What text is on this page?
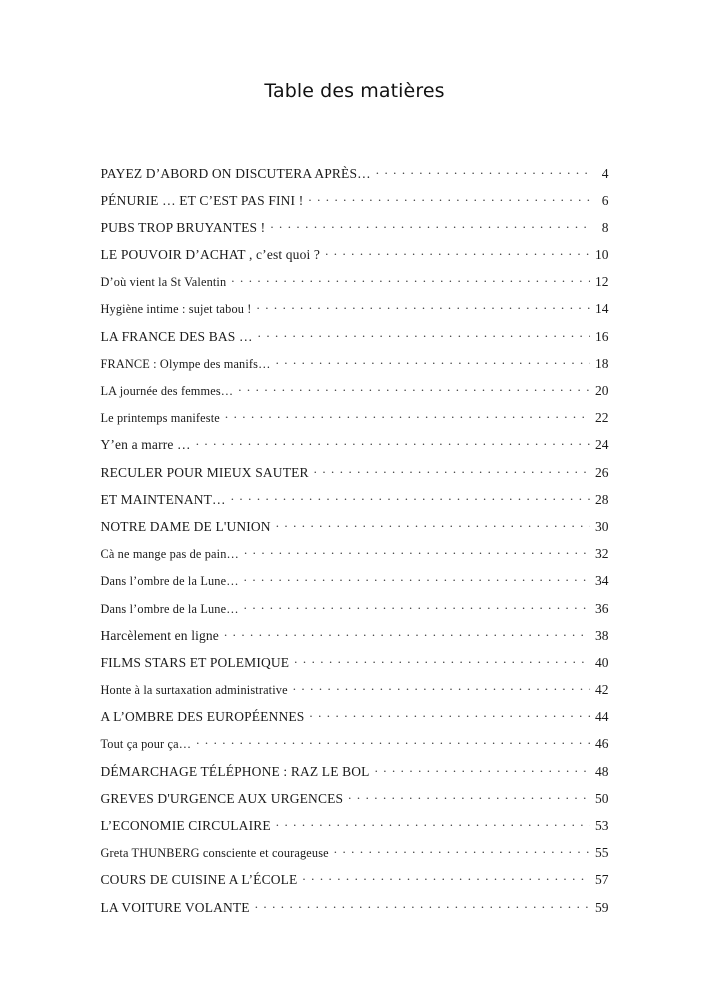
Table des matières
PAYEZ D’ABORD ON DISCUTERA APRÈS… . . .	4
PÉNURIE … ET C’EST PAS FINI ! . . .	6
PUBS TROP BRUYANTES ! . . .	8
LE POUVOIR D’ACHAT , c’est quoi ? . . .	10
D’où vient la St Valentin . . .	12
Hygiène intime : sujet tabou ! . . .	14
LA FRANCE DES BAS … . . .	16
FRANCE : Olympe des manifs… . . .	18
LA journée des femmes… . . .	20
Le printemps manifeste . . .	22
Y’en a marre … . . .	24
RECULER POUR MIEUX SAUTER . . .	26
ET MAINTENANT… . . .	28
NOTRE DAME DE L'UNION . . .	30
Cà ne mange pas de pain… . . .	32
Dans l’ombre de la Lune… . . .	34
Dans l’ombre de la Lune… . . .	36
Harcèlement en ligne . . .	38
FILMS STARS ET POLEMIQUE . . .	40
Honte à la surtaxation administrative . . .	42
A L’OMBRE DES EUROPÉENNES . . .	44
Tout ça pour ça… . . .	46
DÉMARCHAGE TÉLÉPHONE : RAZ LE BOL . . .	48
GREVES D'URGENCE AUX URGENCES . . .	50
L’ECONOMIE CIRCULAIRE . . .	53
Greta THUNBERG consciente et courageuse . . .	55
COURS DE CUISINE A L’ÉCOLE . . .	57
LA VOITURE VOLANTE . . .	59
